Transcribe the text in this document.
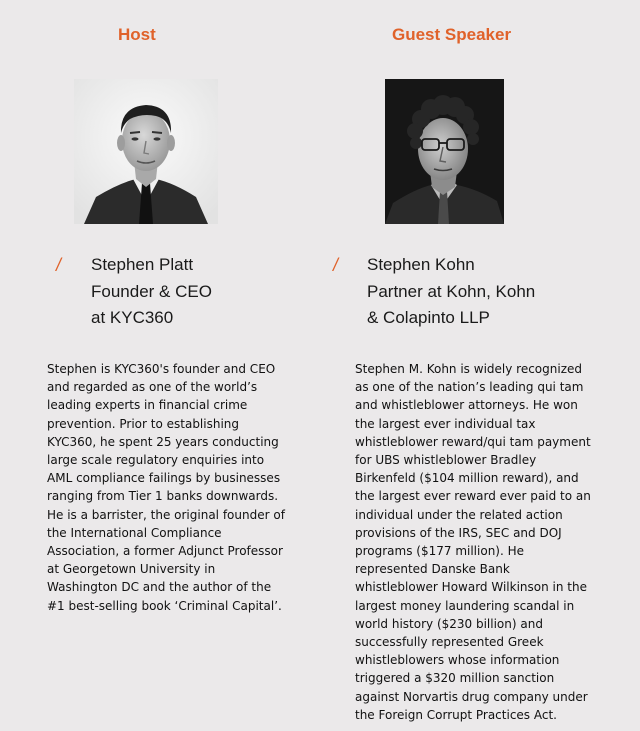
Host
/ Stephen Platt
Founder & CEO
at KYC360

Stephen is KYC360's founder and CEO
and regarded as one of the world’s
leading experts in financial crime
prevention. Prior to establishing
KYC360, he spent 25 years conducting
large scale regulatory enquiries into
AML compliance failings by businesses
ranging from Tier 1 banks downwards.
He is a barrister, the original founder of
the International Compliance
Association, a former Adjunct Professor
at Georgetown University in
Washington DC and the author of the
#1 best-selling book ‘Criminal Capital’.

Guest Speaker
/ Stephen Kohn
Partner at Kohn, Kohn
& Colapinto LLP

Stephen M. Kohn is widely recognized
as one of the nation’s leading qui tam
and whistleblower attorneys. He won
the largest ever individual tax
whistleblower reward/qui tam payment
for UBS whistleblower Bradley
Birkenfeld ($104 million reward), and
the largest ever reward ever paid to an
individual under the related action
provisions of the IRS, SEC and DOJ
programs ($177 million). He
represented Danske Bank
whistleblower Howard Wilkinson in the
largest money laundering scandal in
world history ($230 billion) and
successfully represented Greek
whistleblowers whose information
triggered a $320 million sanction
against Norvartis drug company under
the Foreign Corrupt Practices Act.
